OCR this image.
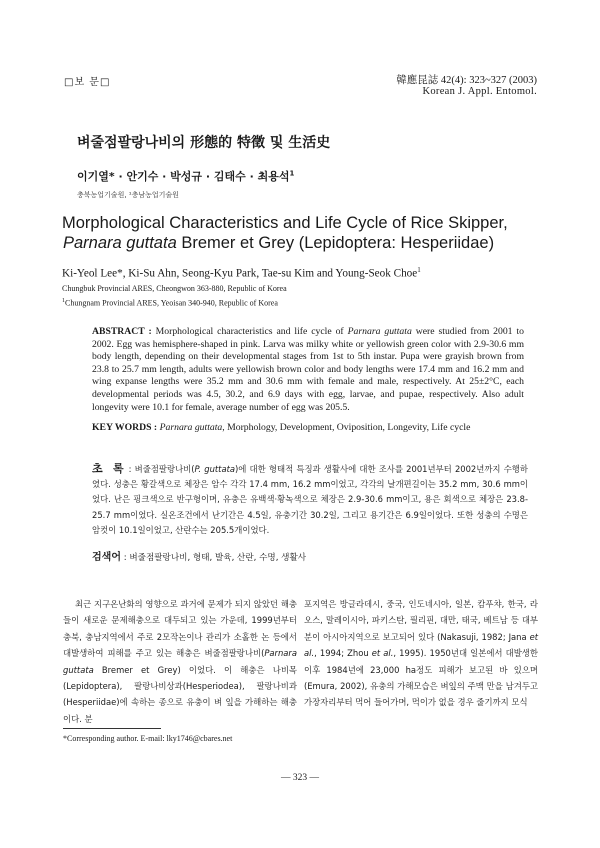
□보 문□	韓應昆誌 42(4): 323~327 (2003)
Korean J. Appl. Entomol.
벼줄점팔랑나비의 形態的 特徵 및 生活史
이기열* · 안기수 · 박성규 · 김태수 · 최용석$^1$
충북농업기술원, ¹충남농업기술원
Morphological Characteristics and Life Cycle of Rice Skipper,
Parnara guttata Bremer et Grey (Lepidoptera: Hesperiidae)
Ki-Yeol Lee*, Ki-Su Ahn, Seong-Kyu Park, Tae-su Kim and Young-Seok Choe$^1$
Chungbuk Provincial ARES, Cheongwon 363-880, Republic of Korea
$^1$Chungnam Provincial ARES, Yeoisan 340-940, Republic of Korea
ABSTRACT : Morphological characteristics and life cycle of Parnara guttata were studied from 2001 to 2002. Egg was hemisphere-shaped in pink. Larva was milky white or yellowish green color with 2.9-30.6 mm body length, depending on their developmental stages from 1st to 5th instar. Pupa were grayish brown from 23.8 to 25.7 mm length, adults were yellowish brown color and body lengths were 17.4 mm and 16.2 mm and wing expanse lengths were 35.2 mm and 30.6 mm with female and male, respectively. At 25±2°C, each developmental periods was 4.5, 30.2, and 6.9 days with egg, larvae, and pupae, respectively. Also adult longevity were 10.1 for female, average number of egg was 205.5.
KEY WORDS : Parnara guttata, Morphology, Development, Oviposition, Longevity, Life cycle
초 록 : 벼줄점팔랑나비(P. guttata)에 대한 형태적 특징과 생활사에 대한 조사를 2001년부터 2002년까지 수행하였다. 성충은 황갈색으로 체장은 암수 각각 17.4 mm, 16.2 mm이었고, 각각의 날개편길이는 35.2 mm, 30.6 mm이었다. 난은 핑크색으로 반구형이며, 유충은 유백색·황녹색으로 체장은 2.9-30.6 mm이고, 용은 회색으로 체장은 23.8-25.7 mm이었다. 실온조건에서 난기간은 4.5일, 유충기간 30.2일, 그리고 용기간은 6.9일이었다. 또한 성충의 수명은 암컷이 10.1일이었고, 산란수는 205.5개이었다.
검색어 : 벼줄점팔랑나비, 형태, 발육, 산란, 수명, 생활사
최근 지구온난화의 영향으로 과거에 문제가 되지 않았던 해충들이 새로운 문제해충으로 대두되고 있는 가운데, 1999년부터 충북, 충남지역에서 주로 2모작논이나 관리가 소홀한 논 등에서 대발생하여 피해를 주고 있는 해충은 벼줄점팔랑나비(Parnara guttata Bremer et Grey) 이었다. 이 해충은 나비목(Lepidoptera), 팔랑나비상과(Hesperiodea), 팔랑나비과(Hesperiidae)에 속하는 종으로 유충이 벼 잎을 가해하는 해충이다. 분
포지역은 방글라데시, 중국, 인도네시아, 일본, 캄푸챠, 한국, 라오스, 말레이시아, 파키스탄, 필리핀, 대만, 태국, 베트남 등 대부분이 아시아지역으로 보고되어 있다 (Nakasuji, 1982; Jana et al., 1994; Zhou et al., 1995). 1950년대 일본에서 대발생한 이후 1984년에 23,000 ha정도 피해가 보고된 바 있으며(Emura, 2002), 유충의 가해모습은 벼잎의 주맥 만을 남겨두고 가장자리부터 먹어 들어가며, 먹이가 없을 경우 줄기까지 모식
*Corresponding author. E-mail: lky1746@cbares.net
— 323 —
